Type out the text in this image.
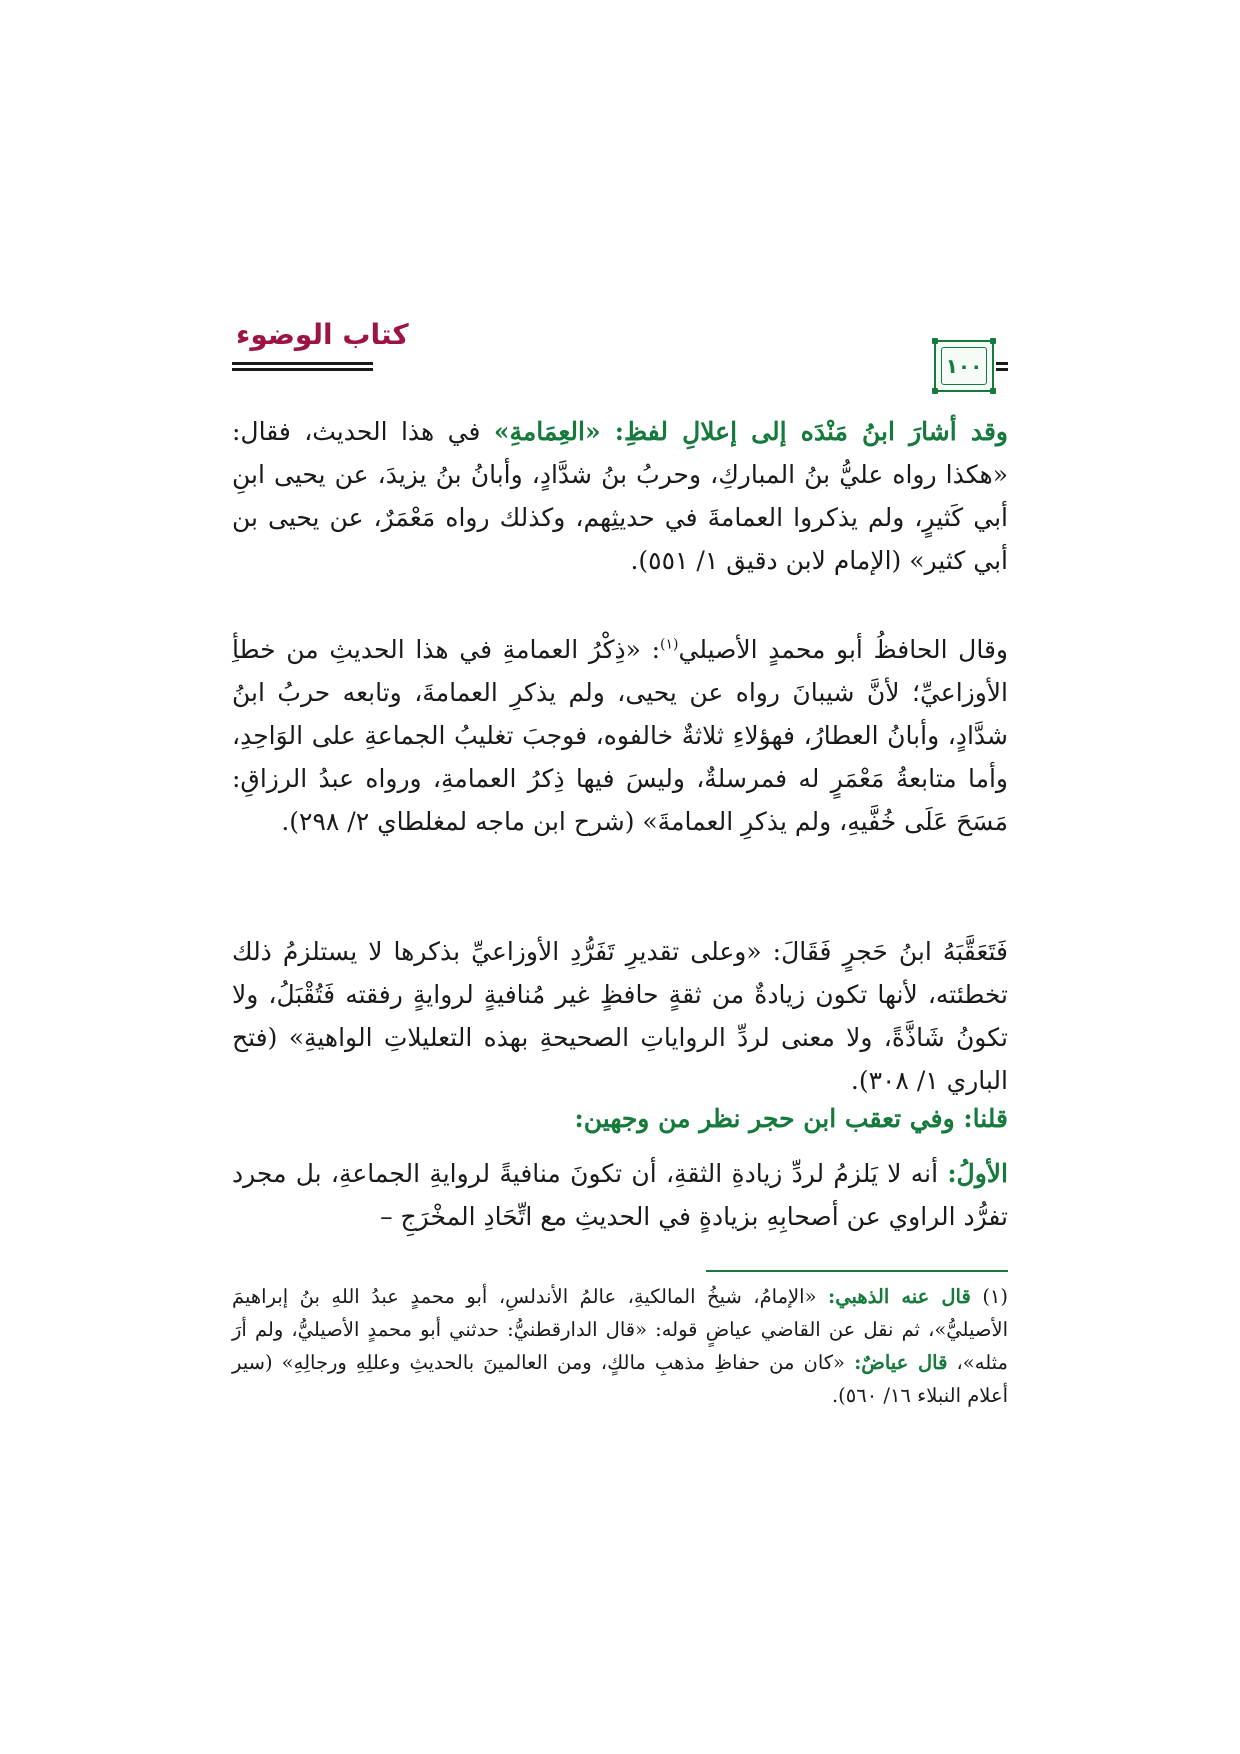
كتاب الوضوء
١٠٠

وقد أشارَ ابنُ مَنْدَه إلى إعلالِ لفظِ: «العِمَامةِ» في هذا الحديث، فقال: «هكذا رواه عليُّ بنُ المباركِ، وحربُ بنُ شدَّادٍ، وأبانُ بنُ يزيدَ، عن يحيى ابنِ أبي كَثيرٍ، ولم يذكروا العمامةَ في حديثِهم، وكذلك رواه مَعْمَرٌ، عن يحيى بن أبي كثير» (الإمام لابن دقيق ١/ ٥٥١).

وقال الحافظُ أبو محمدٍ الأصيلي$^{(١)}$: «ذِكْرُ العمامةِ في هذا الحديثِ من خطأِ الأوزاعيِّ؛ لأنَّ شيبانَ رواه عن يحيى، ولم يذكرِ العمامةَ، وتابعه حربُ ابنُ شدَّادٍ، وأبانُ العطارُ، فهؤلاءِ ثلاثةٌ خالفوه، فوجبَ تغليبُ الجماعةِ على الوَاحِدِ، وأما متابعةُ مَعْمَرٍ له فمرسلةٌ، وليسَ فيها ذِكرُ العمامةِ، ورواه عبدُ الرزاقِ: مَسَحَ عَلَى خُفَّيهِ، ولم يذكرِ العمامةَ» (شرح ابن ماجه لمغلطاي ٢/ ٢٩٨).

فَتَعَقَّبَهُ ابنُ حَجرٍ فَقَالَ: «وعلى تقديرِ تَفَرُّدِ الأوزاعيِّ بذكرها لا يستلزمُ ذلك تخطئته، لأنها تكون زيادةٌ من ثقةٍ حافظٍ غير مُنافيةٍ لروايةٍ رفقته فَتُقْبَلُ، ولا تكونُ شَاذَّةً، ولا معنى لردِّ الرواياتِ الصحيحةِ بهذه التعليلاتِ الواهيةِ» (فتح الباري ١/ ٣٠٨).

قلنا: وفي تعقب ابن حجر نظر من وجهين:

الأولُ: أنه لا يَلزمُ لردِّ زيادةِ الثقةِ، أن تكونَ منافيةً لروايةِ الجماعةِ، بل مجرد تفرُّد الراوي عن أصحابِهِ بزيادةٍ في الحديثِ مع اتِّحَادِ المخْرَجِ –

(١) قال عنه الذهبي: «الإمامُ، شيخُ المالكيةِ، عالمُ الأندلسِ، أبو محمدٍ عبدُ اللهِ بنُ إبراهيمَ الأصيليُّ»، ثم نقل عن القاضي عياضٍ قوله: «قال الدارقطنيُّ: حدثني أبو محمدٍ الأصيليُّ، ولم أرَ مثله»، قال عياضٌ: «كان من حفاظِ مذهبِ مالكٍ، ومن العالمينَ بالحديثِ وعللِهِ ورجالِهِ» (سير أعلام النبلاء ١٦/ ٥٦٠).
